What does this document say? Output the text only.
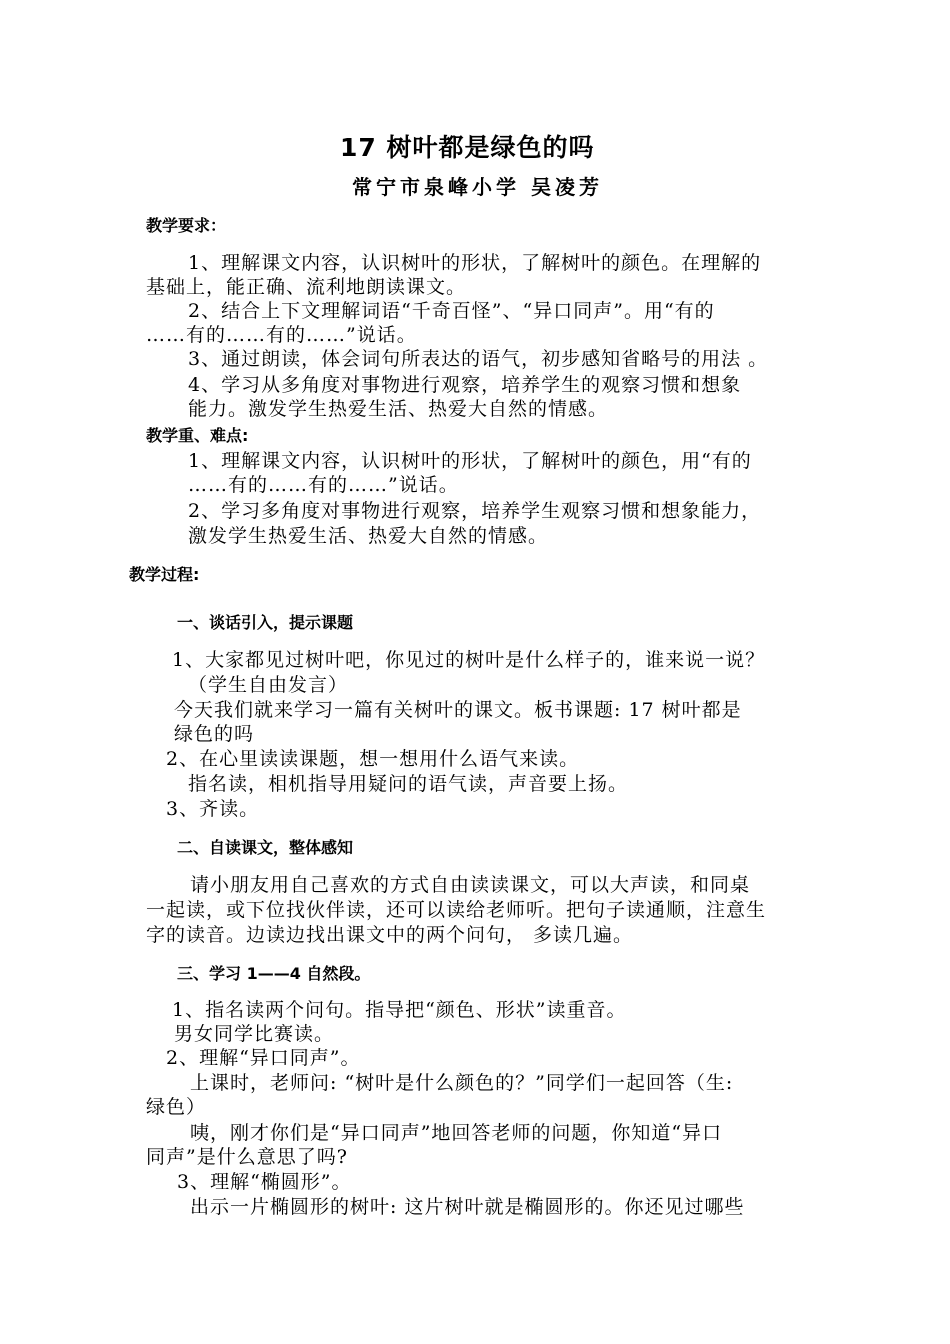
17 树叶都是绿色的吗
常宁市泉峰小学 吴凌芳
教学要求：
1、理解课文内容，认识树叶的形状，了解树叶的颜色。在理解的
基础上，能正确、流利地朗读课文。
2、结合上下文理解词语“千奇百怪”、“异口同声”。用“有的
……有的……有的……”说话。
3、通过朗读，体会词句所表达的语气，初步感知省略号的用法 。
4、学习从多角度对事物进行观察，培养学生的观察习惯和想象
能力。激发学生热爱生活、热爱大自然的情感。
教学重、难点:
1、理解课文内容，认识树叶的形状，了解树叶的颜色，用“有的
……有的……有的……”说话。
2、学习多角度对事物进行观察，培养学生观察习惯和想象能力，
激发学生热爱生活、热爱大自然的情感。
教学过程:
一、谈话引入，提示课题
1、大家都见过树叶吧，你见过的树叶是什么样子的，谁来说一说？
（学生自由发言）
今天我们就来学习一篇有关树叶的课文。板书课题: 17 树叶都是
绿色的吗
2、在心里读读课题，想一想用什么语气来读。
指名读，相机指导用疑问的语气读，声音要上扬。
3、齐读。
二、自读课文，整体感知
请小朋友用自己喜欢的方式自由读读课文，可以大声读，和同桌
一起读，或下位找伙伴读，还可以读给老师听。把句子读通顺，注意生
字的读音。边读边找出课文中的两个问句， 多读几遍。
三、学习 1——4 自然段。
1、指名读两个问句。指导把“颜色、形状”读重音。
男女同学比赛读。
2、理解“异口同声”。
上课时，老师问: “树叶是什么颜色的？”同学们一起回答（生:
绿色）
咦，刚才你们是“异口同声”地回答老师的问题，你知道“异口
同声”是什么意思了吗?
3、理解“椭圆形”。
出示一片椭圆形的树叶: 这片树叶就是椭圆形的。你还见过哪些
